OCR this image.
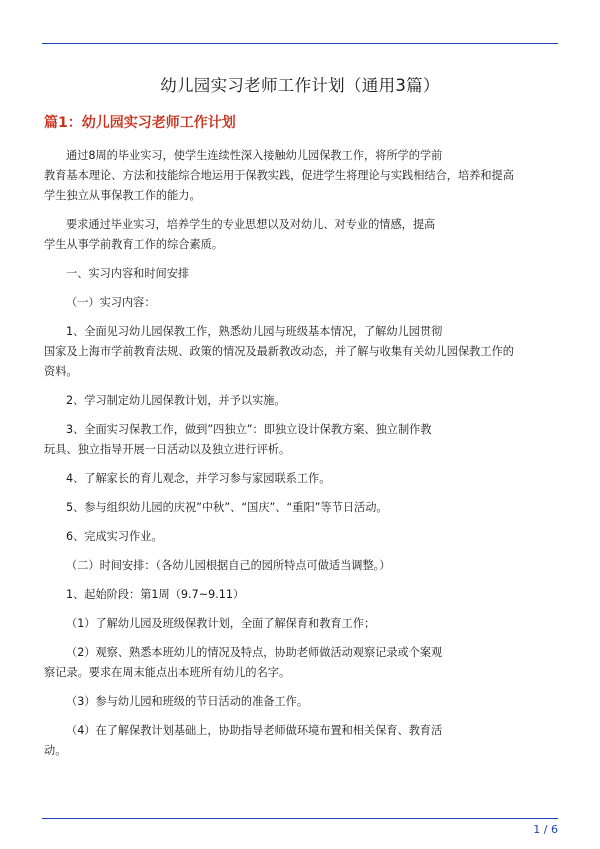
幼儿园实习老师工作计划（通用3篇）
篇1：幼儿园实习老师工作计划
通过8周的毕业实习，使学生连续性深入接触幼儿园保教工作，将所学的学前
教育基本理论、方法和技能综合地运用于保教实践，促进学生将理论与实践相结合，培养和提高
学生独立从事保教工作的能力。
要求通过毕业实习，培养学生的专业思想以及对幼儿、对专业的情感，提高
学生从事学前教育工作的综合素质。
一、实习内容和时间安排
（一）实习内容：
1、全面见习幼儿园保教工作，熟悉幼儿园与班级基本情况，了解幼儿园贯彻
国家及上海市学前教育法规、政策的情况及最新教改动态，并了解与收集有关幼儿园保教工作的
资料。
2、学习制定幼儿园保教计划，并予以实施。
3、全面实习保教工作，做到”四独立”：即独立设计保教方案、独立制作教
玩具、独立指导开展一日活动以及独立进行评析。
4、了解家长的育儿观念，并学习参与家园联系工作。
5、参与组织幼儿园的庆祝”中秋”、“国庆”、“重阳”等节日活动。
6、完成实习作业。
（二）时间安排：（各幼儿园根据自己的园所特点可做适当调整。）
1、起始阶段：第1周（9.7~9.11）
（1）了解幼儿园及班级保教计划，全面了解保育和教育工作；
（2）观察、熟悉本班幼儿的情况及特点，协助老师做活动观察记录或个案观
察记录。要求在周末能点出本班所有幼儿的名字。
（3）参与幼儿园和班级的节日活动的准备工作。
（4）在了解保教计划基础上，协助指导老师做环境布置和相关保育、教育活
动。
1 / 6
